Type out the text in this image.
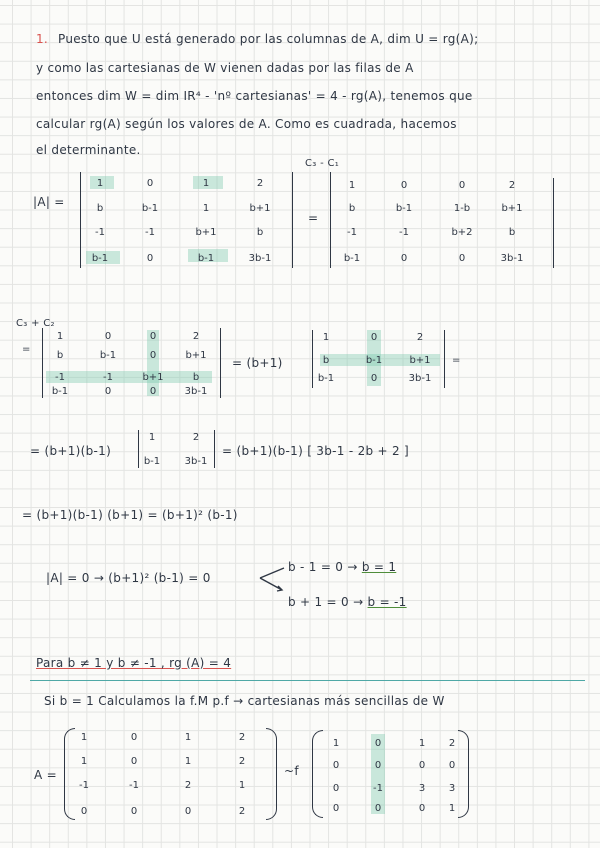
1. Puesto que U está generado por las columnas de A, dim U = rg(A);
y como las cartesianas de W vienen dadas por las filas de A
entonces dim W = dim IR⁴ - 'nº cartesianas' = 4 - rg(A), tenemos que
calcular rg(A) según los valores de A. Como es cuadrada, hacemos
el determinante.
C₃ - C₁
|A| =
1	0	1	2
b	b-1	1	b+1
-1	-1	b+1	b
b-1	0	b-1	3b-1
=
1	0	0	2
b	b-1	1-b	b+1
-1	-1	b+2	b
b-1	0	0	3b-1
C₃ + C₂
=
1	0	0	2
b	b-1	0	b+1
-1	-1	b+1	b
b-1	0	0	3b-1
= (b+1)
1	0	2
b	b-1	b+1
b-1	0	3b-1
=
= (b+1)(b-1)
1	2
b-1	3b-1
= (b+1)(b-1) [ 3b-1 - 2b + 2 ]
= (b+1)(b-1) (b+1) = (b+1)² (b-1)
|A| = 0 → (b+1)² (b-1) = 0
b - 1 = 0 → b = 1
b + 1 = 0 → b = -1
Para b ≠ 1 y b ≠ -1 , rg (A) = 4
Si b = 1 Calculamos la f.M p.f → cartesianas más sencillas de W
A =
1	0	1	2
1	0	1	2
-1	-1	2	1
0	0	0	2
~f
1	0	1	2
0	0	0	0
0	-1	3	3
0	0	0	1
